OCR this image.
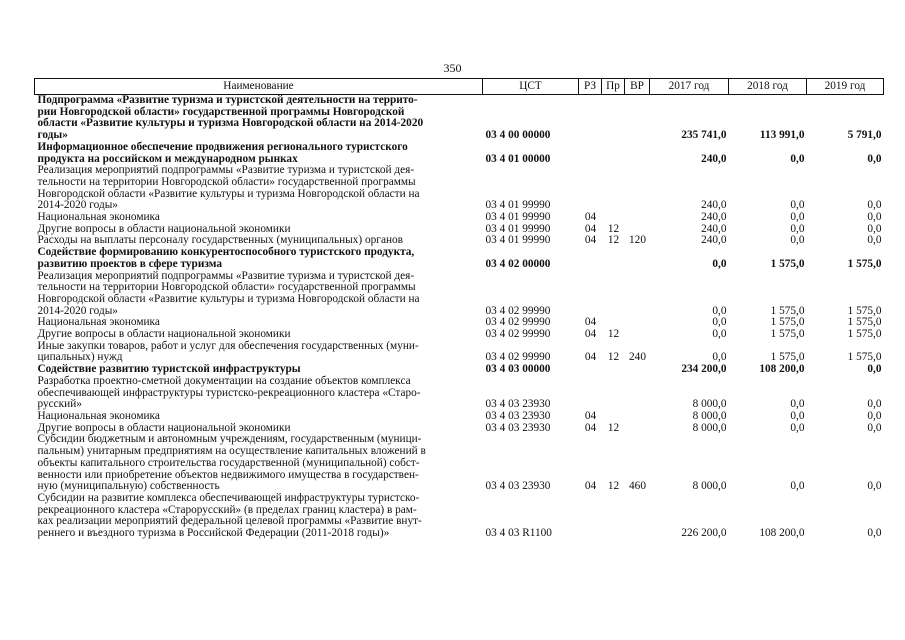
350
Наименование	ЦСТ	РЗ	Пр	ВР	2017 год	2018 год	2019 год
Подпрограмма «Развитие туризма и туристской деятельности на террито-
рии Новгородской области» государственной программы Новгородской
области «Развитие культуры и туризма Новгородской области на 2014-2020
годы»	03 4 00 00000				235 741,0	113 991,0	5 791,0
Информационное обеспечение продвижения регионального туристского
продукта на российском и международном рынках	03 4 01 00000				240,0	0,0	0,0
Реализация мероприятий подпрограммы «Развитие туризма и туристской дея-
тельности на территории Новгородской области» государственной программы
Новгородской области «Развитие культуры и туризма Новгородской области на
2014-2020 годы»	03 4 01 99990				240,0	0,0	0,0
Национальная экономика	03 4 01 99990	04			240,0	0,0	0,0
Другие вопросы в области национальной экономики	03 4 01 99990	04	12		240,0	0,0	0,0
Расходы на выплаты персоналу государственных (муниципальных) органов	03 4 01 99990	04	12	120	240,0	0,0	0,0
Содействие формированию конкурентоспособного туристского продукта,
развитию проектов в сфере туризма	03 4 02 00000				0,0	1 575,0	1 575,0
Реализация мероприятий подпрограммы «Развитие туризма и туристской дея-
тельности на территории Новгородской области» государственной программы
Новгородской области «Развитие культуры и туризма Новгородской области на
2014-2020 годы»	03 4 02 99990				0,0	1 575,0	1 575,0
Национальная экономика	03 4 02 99990	04			0,0	1 575,0	1 575,0
Другие вопросы в области национальной экономики	03 4 02 99990	04	12		0,0	1 575,0	1 575,0
Иные закупки товаров, работ и услуг для обеспечения государственных (муни-
ципальных) нужд	03 4 02 99990	04	12	240	0,0	1 575,0	1 575,0
Содействие развитию туристской инфраструктуры	03 4 03 00000				234 200,0	108 200,0	0,0
Разработка проектно-сметной документации на создание объектов комплекса
обеспечивающей инфраструктуры туристско-рекреационного кластера «Старо-
русский»	03 4 03 23930				8 000,0	0,0	0,0
Национальная экономика	03 4 03 23930	04			8 000,0	0,0	0,0
Другие вопросы в области национальной экономики	03 4 03 23930	04	12		8 000,0	0,0	0,0
Субсидии бюджетным и автономным учреждениям, государственным (муници-
пальным) унитарным предприятиям на осуществление капитальных вложений в
объекты капитального строительства государственной (муниципальной) собст-
венности или приобретение объектов недвижимого имущества в государствен-
ную (муниципальную) собственность	03 4 03 23930	04	12	460	8 000,0	0,0	0,0
Субсидии на развитие комплекса обеспечивающей инфраструктуры туристско-
рекреационного кластера «Старорусский» (в пределах границ кластера) в рам-
ках реализации мероприятий федеральной целевой программы «Развитие внут-
реннего и въездного туризма в Российской Федерации (2011-2018 годы)»	03 4 03 R1100				226 200,0	108 200,0	0,0
